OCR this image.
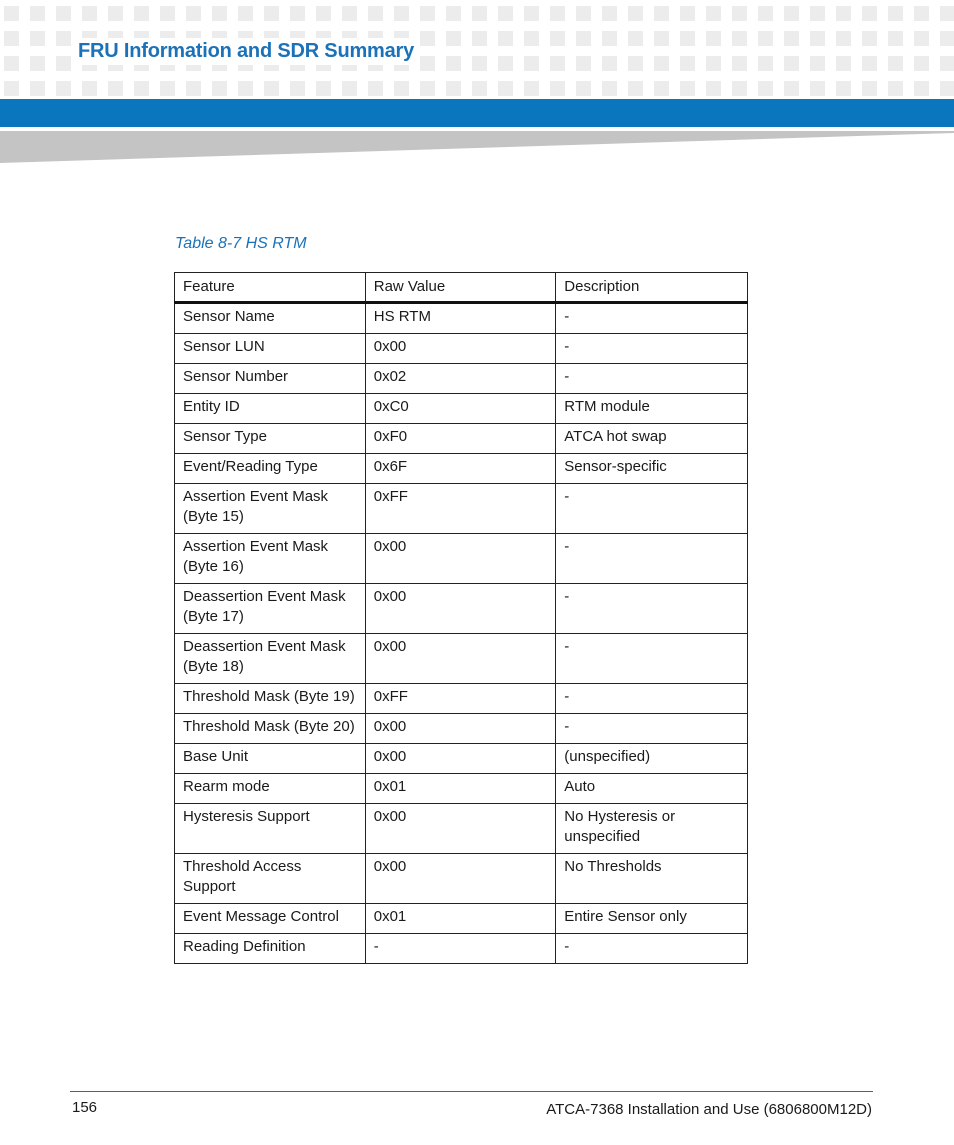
FRU Information and SDR Summary
Table 8-7 HS RTM
Feature	Raw Value	Description
Sensor Name	HS RTM	-
Sensor LUN	0x00	-
Sensor Number	0x02	-
Entity ID	0xC0	RTM module
Sensor Type	0xF0	ATCA hot swap
Event/Reading Type	0x6F	Sensor-specific
Assertion Event Mask (Byte 15)	0xFF	-
Assertion Event Mask (Byte 16)	0x00	-
Deassertion Event Mask (Byte 17)	0x00	-
Deassertion Event Mask (Byte 18)	0x00	-
Threshold Mask (Byte 19)	0xFF	-
Threshold Mask (Byte 20)	0x00	-
Base Unit	0x00	(unspecified)
Rearm mode	0x01	Auto
Hysteresis Support	0x00	No Hysteresis or unspecified
Threshold Access Support	0x00	No Thresholds
Event Message Control	0x01	Entire Sensor only
Reading Definition	-	-
156	ATCA-7368 Installation and Use (6806800M12D)
